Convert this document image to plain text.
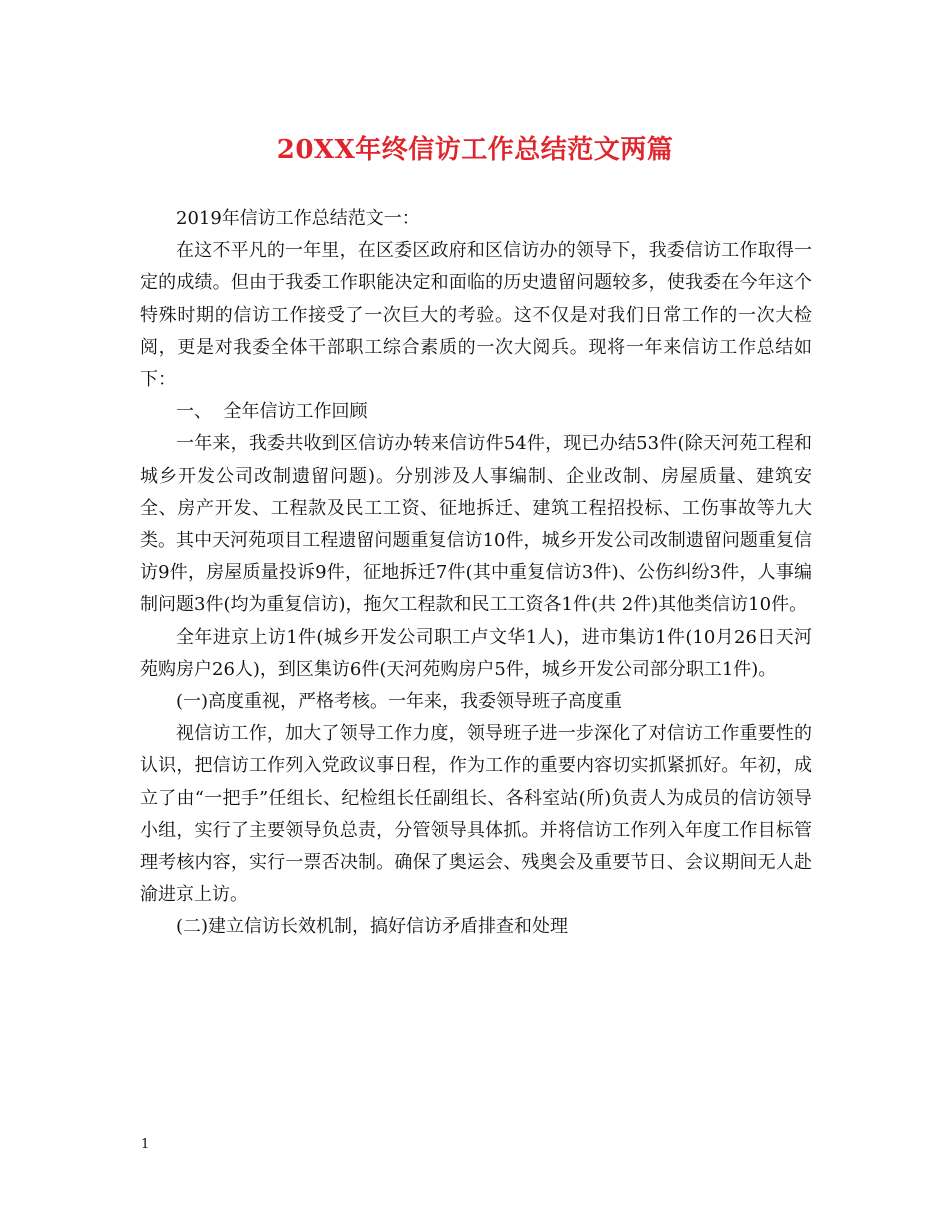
20XX年终信访工作总结范文两篇

2019年信访工作总结范文一：

在这不平凡的一年里，在区委区政府和区信访办的领导下，我委信访工作取得一定的成绩。但由于我委工作职能决定和面临的历史遗留问题较多，使我委在今年这个特殊时期的信访工作接受了一次巨大的考验。这不仅是对我们日常工作的一次大检阅，更是对我委全体干部职工综合素质的一次大阅兵。现将一年来信访工作总结如下：

一、  全年信访工作回顾

一年来，我委共收到区信访办转来信访件54件，现已办结53件(除天河苑工程和城乡开发公司改制遗留问题)。分别涉及人事编制、企业改制、房屋质量、建筑安全、房产开发、工程款及民工工资、征地拆迁、建筑工程招投标、工伤事故等九大类。其中天河苑项目工程遗留问题重复信访10件，城乡开发公司改制遗留问题重复信访9件，房屋质量投诉9件，征地拆迁7件(其中重复信访3件)、公伤纠纷3件，人事编制问题3件(均为重复信访)，拖欠工程款和民工工资各1件(共 2件)其他类信访10件。

全年进京上访1件(城乡开发公司职工卢文华1人)，进市集访1件(10月26日天河苑购房户26人)，到区集访6件(天河苑购房户5件，城乡开发公司部分职工1件)。

(一)高度重视，严格考核。一年来，我委领导班子高度重

视信访工作，加大了领导工作力度，领导班子进一步深化了对信访工作重要性的认识，把信访工作列入党政议事日程，作为工作的重要内容切实抓紧抓好。年初，成立了由“一把手”任组长、纪检组长任副组长、各科室站(所)负责人为成员的信访领导小组，实行了主要领导负总责，分管领导具体抓。并将信访工作列入年度工作目标管理考核内容，实行一票否决制。确保了奥运会、残奥会及重要节日、会议期间无人赴渝进京上访。

(二)建立信访长效机制，搞好信访矛盾排查和处理

1
